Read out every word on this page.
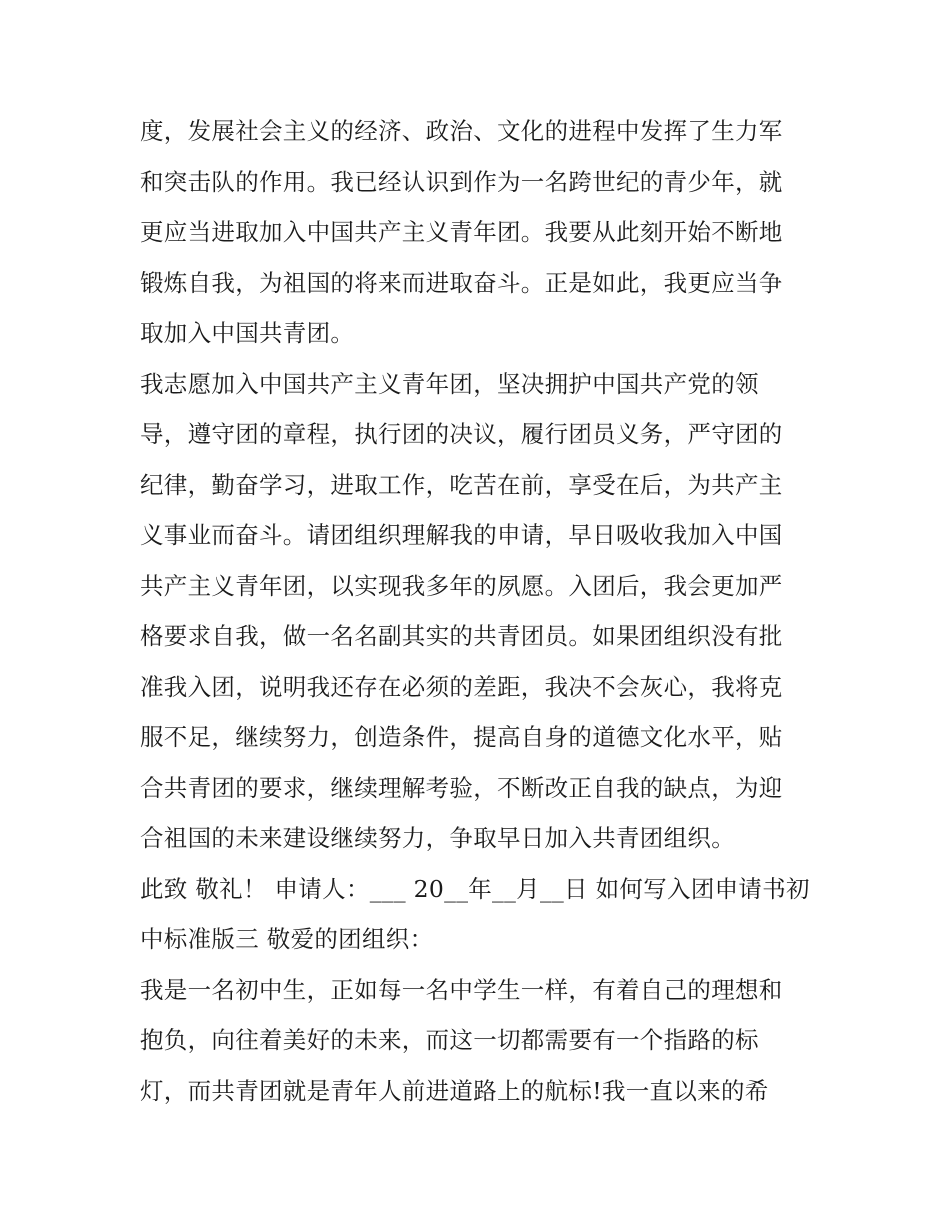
度，发展社会主义的经济、政治、文化的进程中发挥了生力军
和突击队的作用。我已经认识到作为一名跨世纪的青少年，就
更应当进取加入中国共产主义青年团。我要从此刻开始不断地
锻炼自我，为祖国的将来而进取奋斗。正是如此，我更应当争
取加入中国共青团。
我志愿加入中国共产主义青年团，坚决拥护中国共产党的领
导，遵守团的章程，执行团的决议，履行团员义务，严守团的
纪律，勤奋学习，进取工作，吃苦在前，享受在后，为共产主
义事业而奋斗。请团组织理解我的申请，早日吸收我加入中国
共产主义青年团，以实现我多年的夙愿。入团后，我会更加严
格要求自我，做一名名副其实的共青团员。如果团组织没有批
准我入团，说明我还存在必须的差距，我决不会灰心，我将克
服不足，继续努力，创造条件，提高自身的道德文化水平，贴
合共青团的要求，继续理解考验，不断改正自我的缺点，为迎
合祖国的未来建设继续努力，争取早日加入共青团组织。
此致 敬礼！ 申请人：___ 20__年__月__日 如何写入团申请书初
中标准版三 敬爱的团组织：
我是一名初中生，正如每一名中学生一样，有着自己的理想和
抱负，向往着美好的未来，而这一切都需要有一个指路的标
灯，而共青团就是青年人前进道路上的航标!我一直以来的希
